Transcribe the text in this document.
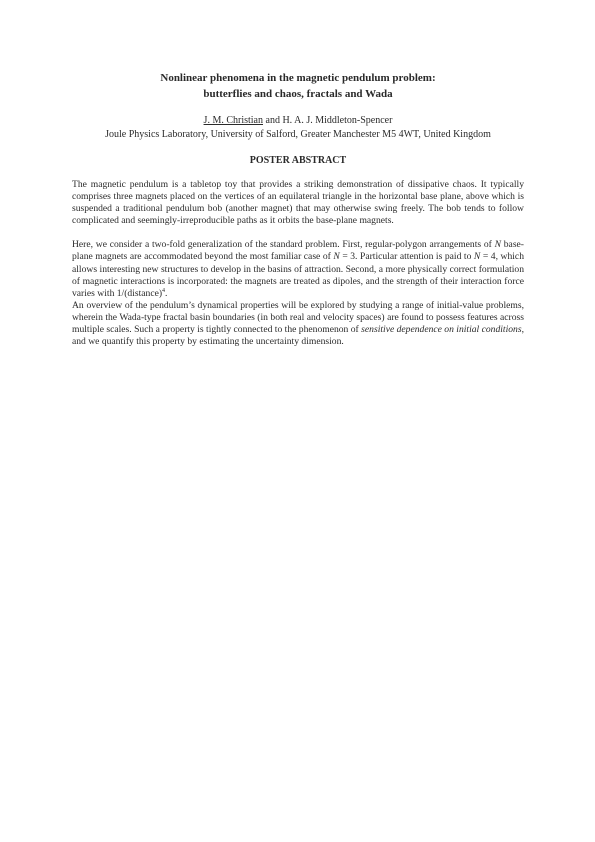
Nonlinear phenomena in the magnetic pendulum problem:
butterflies and chaos, fractals and Wada
J. M. Christian and H. A. J. Middleton-Spencer
Joule Physics Laboratory, University of Salford, Greater Manchester M5 4WT, United Kingdom
POSTER ABSTRACT

The magnetic pendulum is a tabletop toy that provides a striking demonstration of dissipative chaos. It typically comprises three magnets placed on the vertices of an equilateral triangle in the horizontal base plane, above which is suspended a traditional pendulum bob (another magnet) that may otherwise swing freely. The bob tends to follow complicated and seemingly-irreproducible paths as it orbits the base-plane magnets.

Here, we consider a two-fold generalization of the standard problem. First, regular-polygon arrangements of N base-plane magnets are accommodated beyond the most familiar case of N = 3. Particular attention is paid to N = 4, which allows interesting new structures to develop in the basins of attraction. Second, a more physically correct formulation of magnetic interactions is incorporated: the magnets are treated as dipoles, and the strength of their interaction force varies with 1/(distance)$^4$.
An overview of the pendulum’s dynamical properties will be explored by studying a range of initial-value problems, wherein the Wada-type fractal basin boundaries (in both real and velocity spaces) are found to possess features across multiple scales. Such a property is tightly connected to the phenomenon of sensitive dependence on initial conditions, and we quantify this property by estimating the uncertainty dimension.
